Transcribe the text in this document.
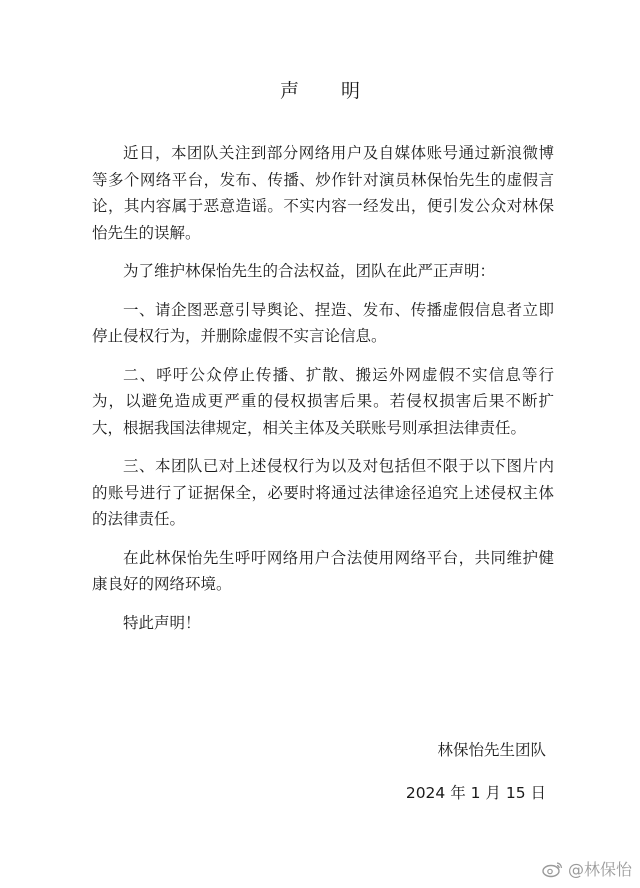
声 明

近日，本团队关注到部分网络用户及自媒体账号通过新浪微博等多个网络平台，发布、传播、炒作针对演员林保怡先生的虚假言论，其内容属于恶意造谣。不实内容一经发出，便引发公众对林保怡先生的误解。

为了维护林保怡先生的合法权益，团队在此严正声明：

一、请企图恶意引导舆论、捏造、发布、传播虚假信息者立即停止侵权行为，并删除虚假不实言论信息。

二、呼吁公众停止传播、扩散、搬运外网虚假不实信息等行为，以避免造成更严重的侵权损害后果。若侵权损害后果不断扩大，根据我国法律规定，相关主体及关联账号则承担法律责任。

三、本团队已对上述侵权行为以及对包括但不限于以下图片内的账号进行了证据保全，必要时将通过法律途径追究上述侵权主体的法律责任。

在此林保怡先生呼吁网络用户合法使用网络平台，共同维护健康良好的网络环境。

特此声明！

林保怡先生团队
2024 年 1 月 15 日
@林保怡
